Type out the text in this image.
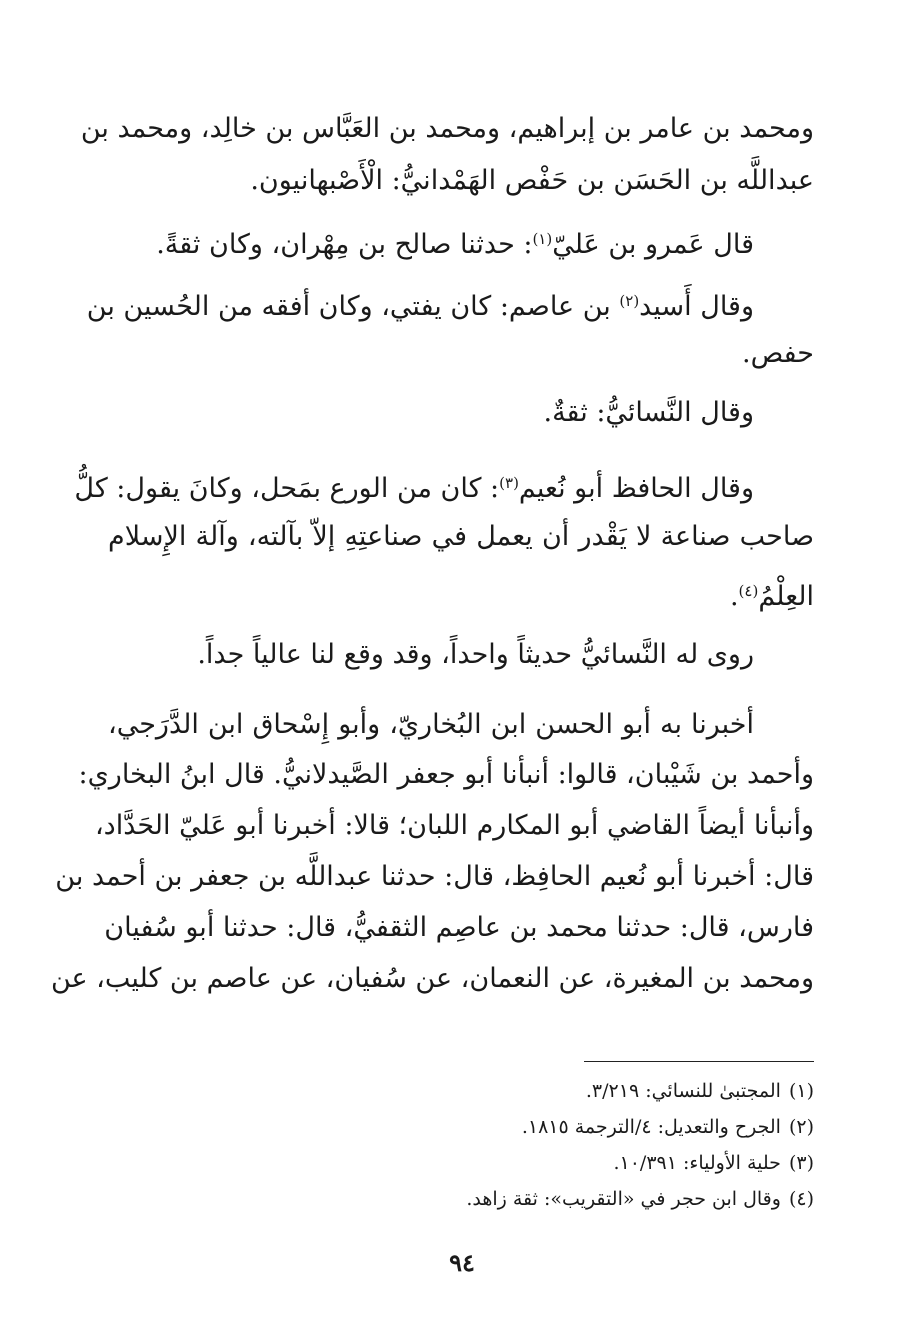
ومحمد بن عامر بن إبراهيم، ومحمد بن العَبَّاس بن خالِد، ومحمد بن
عبداللَّه بن الحَسَن بن حَفْص الهَمْدانيُّ: الْأَصْبهانيون.
قال عَمرو بن عَليّ$^{(١)}$: حدثنا صالح بن مِهْران، وكان ثقةً.
وقال أَسيد$^{(٢)}$ بن عاصم: كان يفتي، وكان أفقه من الحُسين بن
حفص.
وقال النَّسائيُّ: ثقةٌ.
وقال الحافظ أبو نُعيم$^{(٣)}$: كان من الورع بمَحل، وكانَ يقول: كلُّ
صاحب صناعة لا يَقْدر أن يعمل في صناعتِهِ إلاّ بآلته، وآلة الإِسلام
العِلْمُ$^{(٤)}$.
روى له النَّسائيُّ حديثاً واحداً، وقد وقع لنا عالياً جداً.
أخبرنا به أبو الحسن ابن البُخاريّ، وأبو إِسْحاق ابن الدَّرَجي،
وأحمد بن شَيْبان، قالوا: أنبأنا أبو جعفر الصَّيدلانيُّ. قال ابنُ البخاري:
وأنبأنا أيضاً القاضي أبو المكارم اللبان؛ قالا: أخبرنا أبو عَليّ الحَدَّاد،
قال: أخبرنا أبو نُعيم الحافِظ، قال: حدثنا عبداللَّه بن جعفر بن أحمد بن
فارس، قال: حدثنا محمد بن عاصِم الثقفيُّ، قال: حدثنا أبو سُفيان
ومحمد بن المغيرة، عن النعمان، عن سُفيان، عن عاصم بن كليب، عن
(١)المجتبىٰ للنسائي: ٣/٢١٩.
(٢)الجرح والتعديل: ٤/الترجمة ١٨١٥.
(٣)حلية الأولياء: ١٠/٣٩١.
(٤)وقال ابن حجر في «التقريب»: ثقة زاهد.
٩٤
